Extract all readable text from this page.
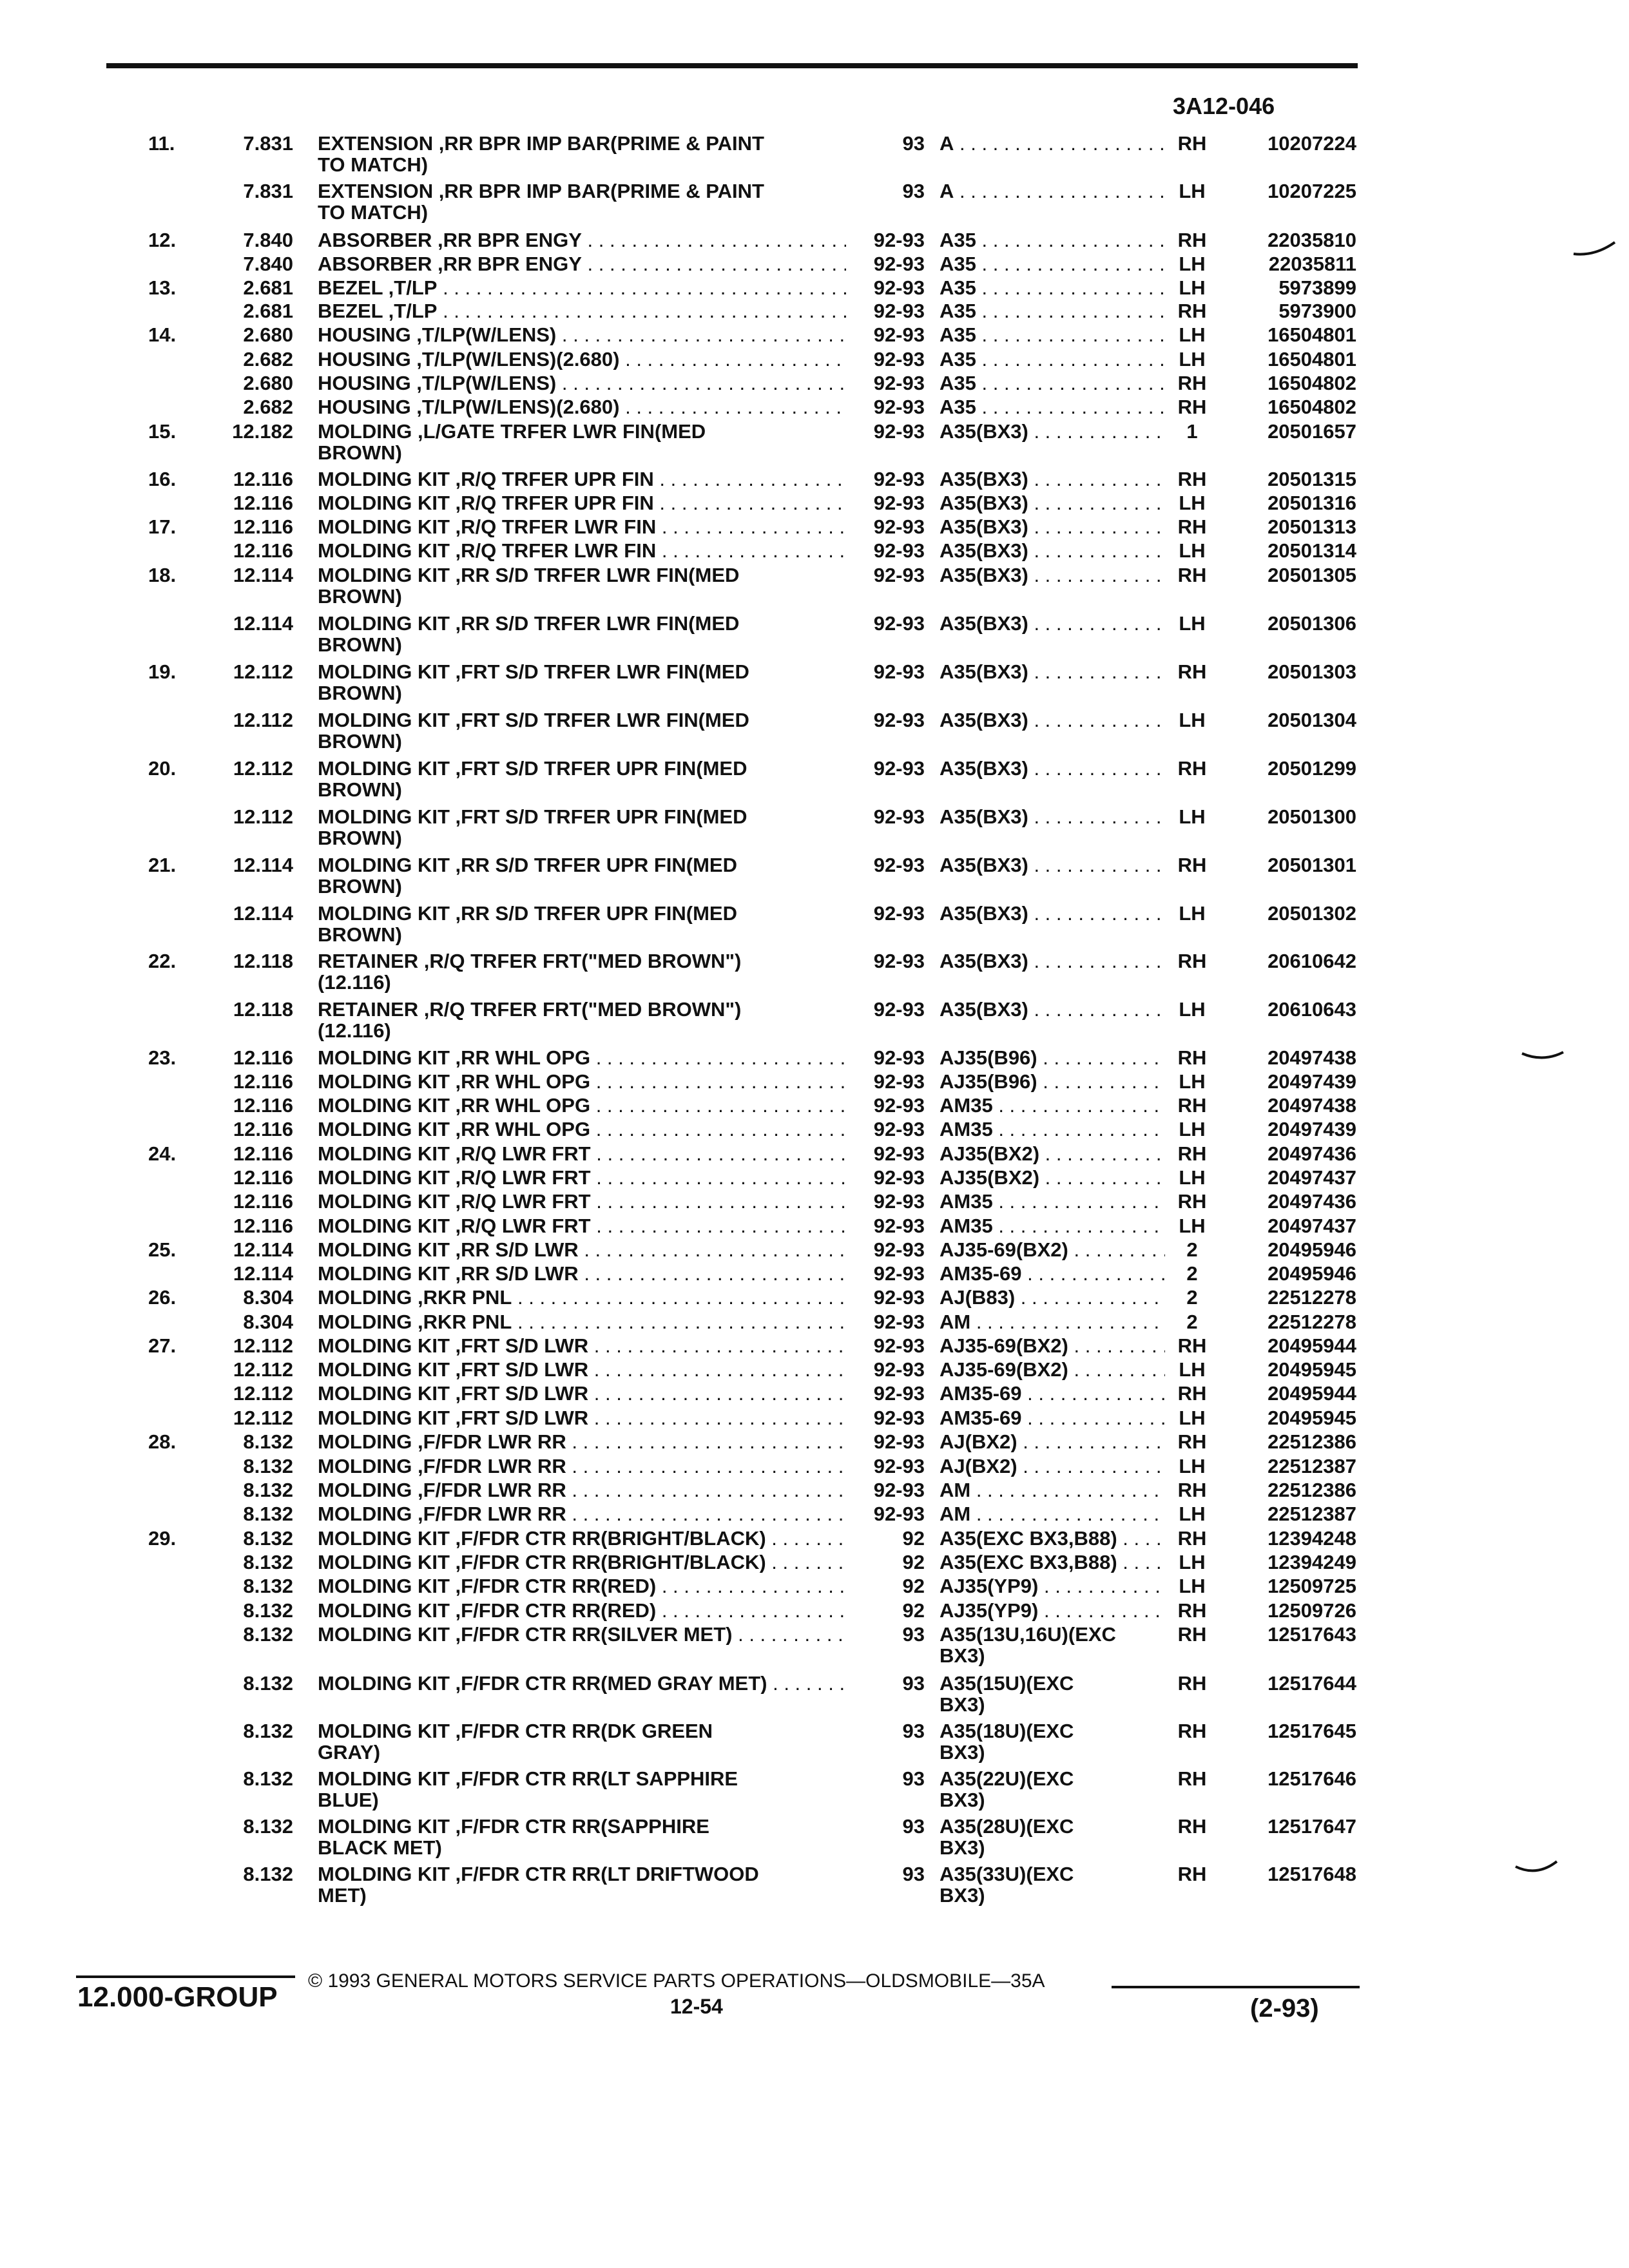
3A12-046
11.	7.831 EXTENSION ,RR BPR IMP BAR(PRIME & PAINT
TO MATCH)
93 A . . .	RH	10207224
7.831 EXTENSION ,RR BPR IMP BAR(PRIME & PAINT
TO MATCH)
93 A . . .	LH	10207225
12.	7.840 ABSORBER ,RR BPR ENGY . . .	92-93 A35 . . .	RH	22035810
7.840 ABSORBER ,RR BPR ENGY . . .	92-93 A35 . . .	LH	22035811
13.	2.681 BEZEL ,T/LP . . .	92-93 A35 . . .	LH	5973899
2.681 BEZEL ,T/LP . . .	92-93 A35 . . .	RH	5973900
14.	2.680 HOUSING ,T/LP(W/LENS) . . .	92-93 A35 . . .	LH	16504801
2.682 HOUSING ,T/LP(W/LENS)(2.680) . . .	92-93 A35 . . .	LH	16504801
2.680 HOUSING ,T/LP(W/LENS) . . .	92-93 A35 . . .	RH	16504802
2.682 HOUSING ,T/LP(W/LENS)(2.680) . . .	92-93 A35 . . .	RH	16504802
15.	12.182 MOLDING ,L/GATE TRFER LWR FIN(MED
BROWN)
92-93 A35(BX3) . . .	1	20501657
16.	12.116 MOLDING KIT ,R/Q TRFER UPR FIN . . .	92-93 A35(BX3) . . .	RH	20501315
12.116 MOLDING KIT ,R/Q TRFER UPR FIN . . .	92-93 A35(BX3) . . .	LH	20501316
17.	12.116 MOLDING KIT ,R/Q TRFER LWR FIN . . .	92-93 A35(BX3) . . .	RH	20501313
12.116 MOLDING KIT ,R/Q TRFER LWR FIN . . .	92-93 A35(BX3) . . .	LH	20501314
18.	12.114 MOLDING KIT ,RR S/D TRFER LWR FIN(MED
BROWN)
92-93 A35(BX3) . . .	RH	20501305
12.114 MOLDING KIT ,RR S/D TRFER LWR FIN(MED
BROWN)
92-93 A35(BX3) . . .	LH	20501306
19.	12.112 MOLDING KIT ,FRT S/D TRFER LWR FIN(MED
BROWN)
92-93 A35(BX3) . . .	RH	20501303
12.112 MOLDING KIT ,FRT S/D TRFER LWR FIN(MED
BROWN)
92-93 A35(BX3) . . .	LH	20501304
20.	12.112 MOLDING KIT ,FRT S/D TRFER UPR FIN(MED
BROWN)
92-93 A35(BX3) . . .	RH	20501299
12.112 MOLDING KIT ,FRT S/D TRFER UPR FIN(MED
BROWN)
92-93 A35(BX3) . . .	LH	20501300
21.	12.114 MOLDING KIT ,RR S/D TRFER UPR FIN(MED
BROWN)
92-93 A35(BX3) . . .	RH	20501301
12.114 MOLDING KIT ,RR S/D TRFER UPR FIN(MED
BROWN)
92-93 A35(BX3) . . .	LH	20501302
22.	12.118 RETAINER ,R/Q TRFER FRT("MED BROWN")
(12.116)
92-93 A35(BX3) . . .	RH	20610642
12.118 RETAINER ,R/Q TRFER FRT("MED BROWN")
(12.116)
92-93 A35(BX3) . . .	LH	20610643
23.	12.116 MOLDING KIT ,RR WHL OPG . . .	92-93 AJ35(B96) . . .	RH	20497438
12.116 MOLDING KIT ,RR WHL OPG . . .	92-93 AJ35(B96) . . .	LH	20497439
12.116 MOLDING KIT ,RR WHL OPG . . .	92-93 AM35 . . .	RH	20497438
12.116 MOLDING KIT ,RR WHL OPG . . .	92-93 AM35 . . .	LH	20497439
24.	12.116 MOLDING KIT ,R/Q LWR FRT . . .	92-93 AJ35(BX2) . . .	RH	20497436
12.116 MOLDING KIT ,R/Q LWR FRT . . .	92-93 AJ35(BX2) . . .	LH	20497437
12.116 MOLDING KIT ,R/Q LWR FRT . . .	92-93 AM35 . . .	RH	20497436
12.116 MOLDING KIT ,R/Q LWR FRT . . .	92-93 AM35 . . .	LH	20497437
25.	12.114 MOLDING KIT ,RR S/D LWR . . .	92-93 AJ35-69(BX2) . . .	2	20495946
12.114 MOLDING KIT ,RR S/D LWR . . .	92-93 AM35-69 . . .	2	20495946
26.	8.304 MOLDING ,RKR PNL . . .	92-93 AJ(B83) . . .	2	22512278
8.304 MOLDING ,RKR PNL . . .	92-93 AM . . .	2	22512278
27.	12.112 MOLDING KIT ,FRT S/D LWR . . .	92-93 AJ35-69(BX2) . . .	RH	20495944
12.112 MOLDING KIT ,FRT S/D LWR . . .	92-93 AJ35-69(BX2) . . .	LH	20495945
12.112 MOLDING KIT ,FRT S/D LWR . . .	92-93 AM35-69 . . .	RH	20495944
12.112 MOLDING KIT ,FRT S/D LWR . . .	92-93 AM35-69 . . .	LH	20495945
28.	8.132 MOLDING ,F/FDR LWR RR . . .	92-93 AJ(BX2) . . .	RH	22512386
8.132 MOLDING ,F/FDR LWR RR . . .	92-93 AJ(BX2) . . .	LH	22512387
8.132 MOLDING ,F/FDR LWR RR . . .	92-93 AM . . .	RH	22512386
8.132 MOLDING ,F/FDR LWR RR . . .	92-93 AM . . .	LH	22512387
29.	8.132 MOLDING KIT ,F/FDR CTR RR(BRIGHT/BLACK) . . .	92 A35(EXC BX3,B88) . . .	RH	12394248
8.132 MOLDING KIT ,F/FDR CTR RR(BRIGHT/BLACK) . . .	92 A35(EXC BX3,B88) . . .	LH	12394249
8.132 MOLDING KIT ,F/FDR CTR RR(RED) . . .	92 AJ35(YP9) . . .	LH	12509725
8.132 MOLDING KIT ,F/FDR CTR RR(RED) . . .	92 AJ35(YP9) . . .	RH	12509726
8.132 MOLDING KIT ,F/FDR CTR RR(SILVER MET) . . .	93 A35(13U,16U)(EXC
BX3)
RH	12517643
8.132 MOLDING KIT ,F/FDR CTR RR(MED GRAY MET) . . .	93 A35(15U)(EXC
BX3)
RH	12517644
8.132 MOLDING KIT ,F/FDR CTR RR(DK GREEN
GRAY)
93 A35(18U)(EXC
BX3)
RH	12517645
8.132 MOLDING KIT ,F/FDR CTR RR(LT SAPPHIRE
BLUE)
93 A35(22U)(EXC
BX3)
RH	12517646
8.132 MOLDING KIT ,F/FDR CTR RR(SAPPHIRE
BLACK MET)
93 A35(28U)(EXC
BX3)
RH	12517647
8.132 MOLDING KIT ,F/FDR CTR RR(LT DRIFTWOOD
MET)
93 A35(33U)(EXC
BX3)
RH	12517648
© 1993 GENERAL MOTORS SERVICE PARTS OPERATIONS—OLDSMOBILE—35A
12.000-GROUP	12-54	(2-93)
